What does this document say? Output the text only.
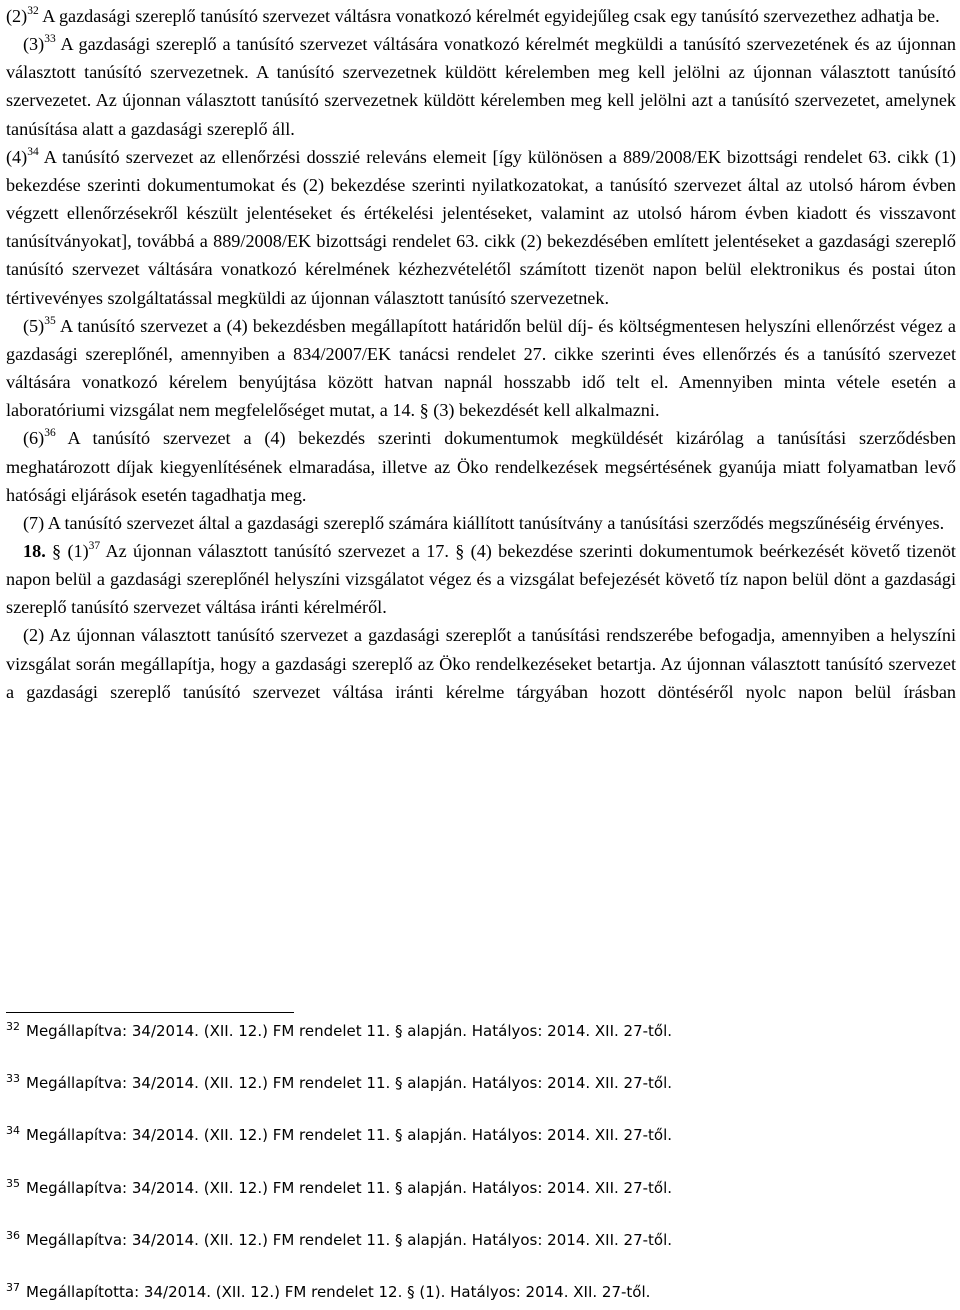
(2)$^{32}$ A gazdasági szereplő tanúsító szervezet váltásra vonatkozó kérelmét egyidejűleg csak egy tanúsító szervezethez adhatja be.

(3)$^{33}$ A gazdasági szereplő a tanúsító szervezet váltására vonatkozó kérelmét megküldi a tanúsító szervezetének és az újonnan választott tanúsító szervezetnek. A tanúsító szervezetnek küldött kérelemben meg kell jelölni az újonnan választott tanúsító szervezetet. Az újonnan választott tanúsító szervezetnek küldött kérelemben meg kell jelölni azt a tanúsító szervezetet, amelynek tanúsítása alatt a gazdasági szereplő áll.

(4)$^{34}$ A tanúsító szervezet az ellenőrzési dosszié releváns elemeit [így különösen a 889/2008/EK bizottsági rendelet 63. cikk (1) bekezdése szerinti dokumentumokat és (2) bekezdése szerinti nyilatkozatokat, a tanúsító szervezet által az utolsó három évben végzett ellenőrzésekről készült jelentéseket és értékelési jelentéseket, valamint az utolsó három évben kiadott és visszavont tanúsítványokat], továbbá a 889/2008/EK bizottsági rendelet 63. cikk (2) bekezdésében említett jelentéseket a gazdasági szereplő tanúsító szervezet váltására vonatkozó kérelmének kézhezvételétől számított tizenöt napon belül elektronikus és postai úton tértivevényes szolgáltatással megküldi az újonnan választott tanúsító szervezetnek.

(5)$^{35}$ A tanúsító szervezet a (4) bekezdésben megállapított határidőn belül díj- és költségmentesen helyszíni ellenőrzést végez a gazdasági szereplőnél, amennyiben a 834/2007/EK tanácsi rendelet 27. cikke szerinti éves ellenőrzés és a tanúsító szervezet váltására vonatkozó kérelem benyújtása között hatvan napnál hosszabb idő telt el. Amennyiben minta vétele esetén a laboratóriumi vizsgálat nem megfelelőséget mutat, a 14. § (3) bekezdését kell alkalmazni.

(6)$^{36}$ A tanúsító szervezet a (4) bekezdés szerinti dokumentumok megküldését kizárólag a tanúsítási szerződésben meghatározott díjak kiegyenlítésének elmaradása, illetve az Öko rendelkezések megsértésének gyanúja miatt folyamatban levő hatósági eljárások esetén tagadhatja meg.

(7) A tanúsító szervezet által a gazdasági szereplő számára kiállított tanúsítvány a tanúsítási szerződés megszűnéséig érvényes.

18. § (1)$^{37}$ Az újonnan választott tanúsító szervezet a 17. § (4) bekezdése szerinti dokumentumok beérkezését követő tizenöt napon belül a gazdasági szereplőnél helyszíni vizsgálatot végez és a vizsgálat befejezését követő tíz napon belül dönt a gazdasági szereplő tanúsító szervezet váltása iránti kérelméről.

(2) Az újonnan választott tanúsító szervezet a gazdasági szereplőt a tanúsítási rendszerébe befogadja, amennyiben a helyszíni vizsgálat során megállapítja, hogy a gazdasági szereplő az Öko rendelkezéseket betartja. Az újonnan választott tanúsító szervezet a gazdasági szereplő tanúsító szervezet váltása iránti kérelme tárgyában hozott döntéséről nyolc napon belül írásban

$^{32}$ Megállapítva: 34/2014. (XII. 12.) FM rendelet 11. § alapján. Hatályos: 2014. XII. 27-től.
$^{33}$ Megállapítva: 34/2014. (XII. 12.) FM rendelet 11. § alapján. Hatályos: 2014. XII. 27-től.
$^{34}$ Megállapítva: 34/2014. (XII. 12.) FM rendelet 11. § alapján. Hatályos: 2014. XII. 27-től.
$^{35}$ Megállapítva: 34/2014. (XII. 12.) FM rendelet 11. § alapján. Hatályos: 2014. XII. 27-től.
$^{36}$ Megállapítva: 34/2014. (XII. 12.) FM rendelet 11. § alapján. Hatályos: 2014. XII. 27-től.
$^{37}$ Megállapította: 34/2014. (XII. 12.) FM rendelet 12. § (1). Hatályos: 2014. XII. 27-től.
